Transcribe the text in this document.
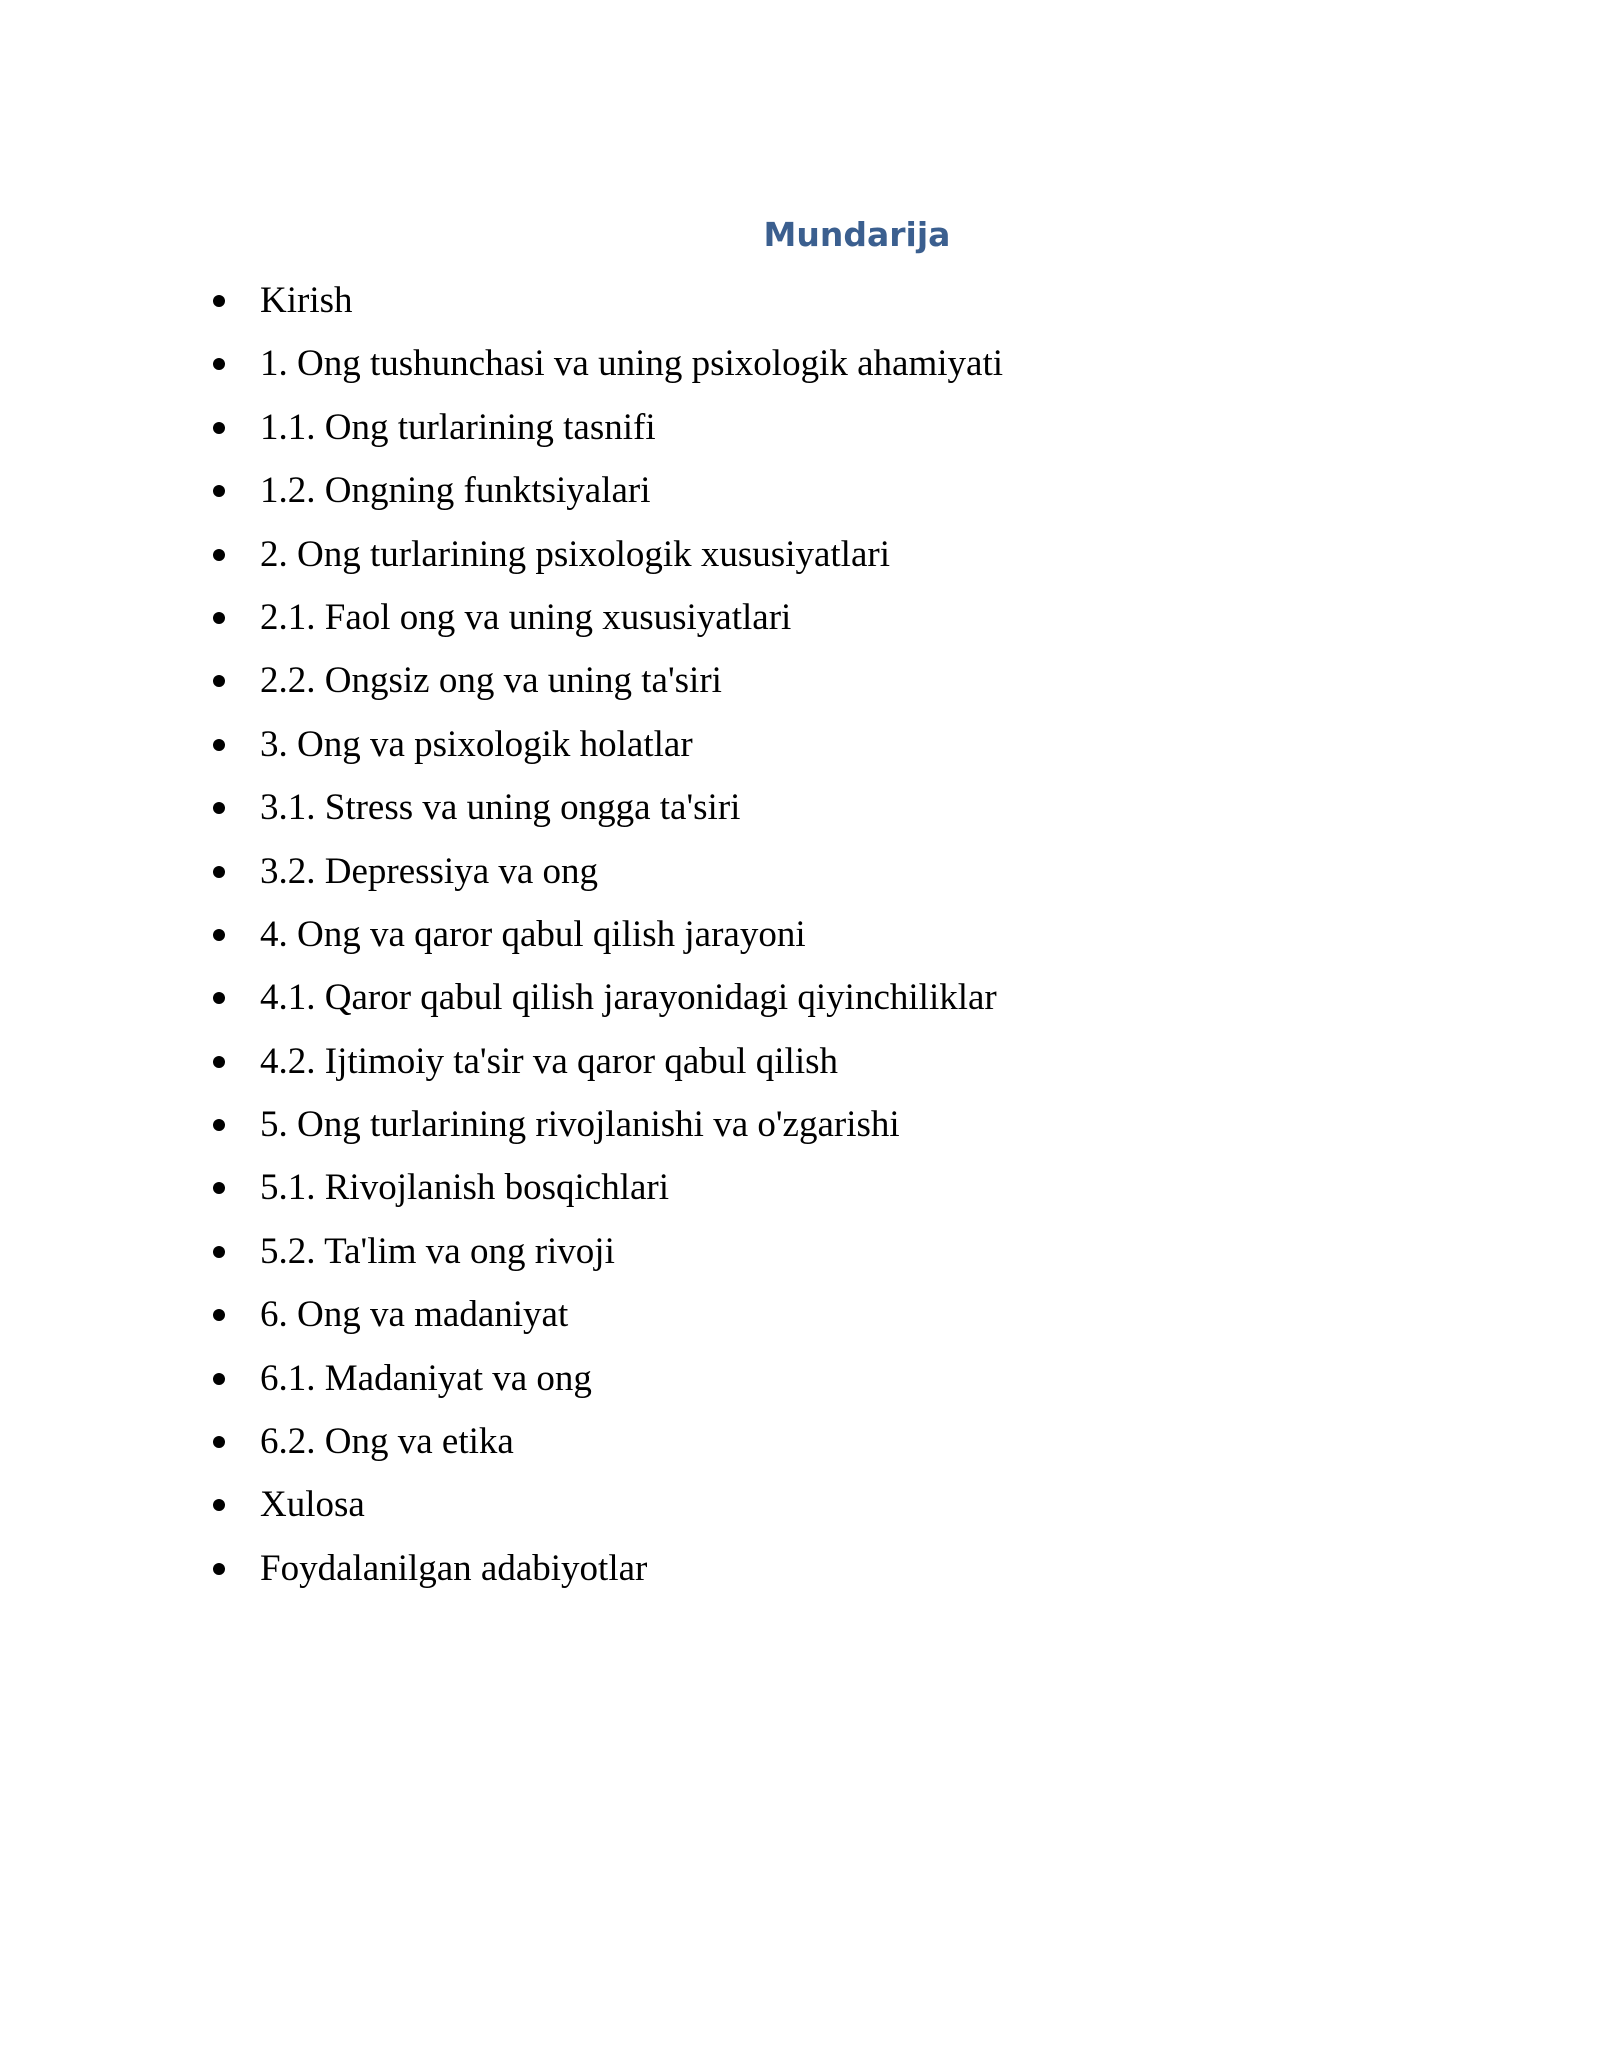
Mundarija
Kirish
1. Ong tushunchasi va uning psixologik ahamiyati
1.1. Ong turlarining tasnifi
1.2. Ongning funktsiyalari
2. Ong turlarining psixologik xususiyatlari
2.1. Faol ong va uning xususiyatlari
2.2. Ongsiz ong va uning ta'siri
3. Ong va psixologik holatlar
3.1. Stress va uning ongga ta'siri
3.2. Depressiya va ong
4. Ong va qaror qabul qilish jarayoni
4.1. Qaror qabul qilish jarayonidagi qiyinchiliklar
4.2. Ijtimoiy ta'sir va qaror qabul qilish
5. Ong turlarining rivojlanishi va o'zgarishi
5.1. Rivojlanish bosqichlari
5.2. Ta'lim va ong rivoji
6. Ong va madaniyat
6.1. Madaniyat va ong
6.2. Ong va etika
Xulosa
Foydalanilgan adabiyotlar
